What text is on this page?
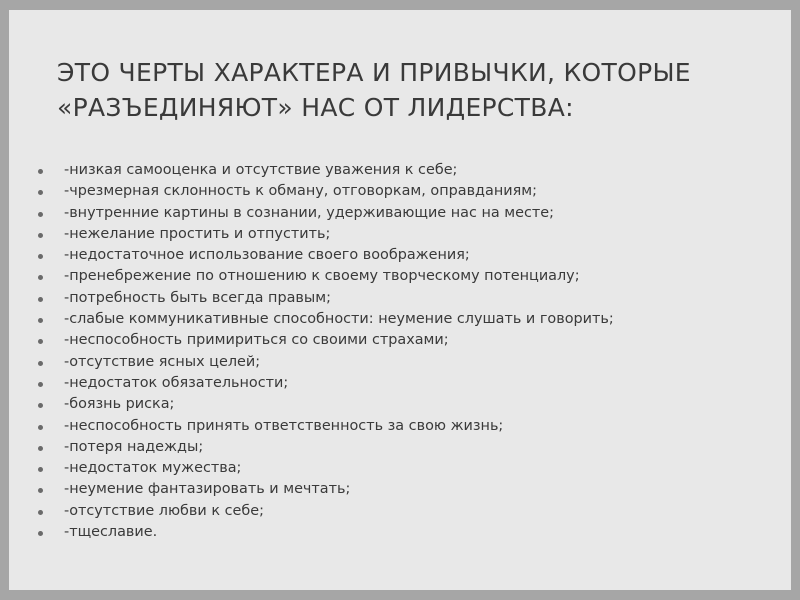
ЭТО ЧЕРТЫ ХАРАКТЕРА И ПРИВЫЧКИ, КОТОРЫЕ
«РАЗЪЕДИНЯЮТ» НАС ОТ ЛИДЕРСТВА:
-низкая самооценка и отсутствие уважения к себе;
-чрезмерная склонность к обману, отговоркам, оправданиям;
-внутренние картины в сознании, удерживающие нас на месте;
-нежелание простить и отпустить;
-недостаточное использование своего воображения;
-пренебрежение по отношению к своему творческому потенциалу;
-потребность быть всегда правым;
-слабые коммуникативные способности: неумение слушать и говорить;
-неспособность примириться со своими страхами;
-отсутствие ясных целей;
-недостаток обязательности;
-боязнь риска;
-неспособность принять ответственность за свою жизнь;
-потеря надежды;
-недостаток мужества;
-неумение фантазировать и мечтать;
-отсутствие любви к себе;
-тщеславие.
